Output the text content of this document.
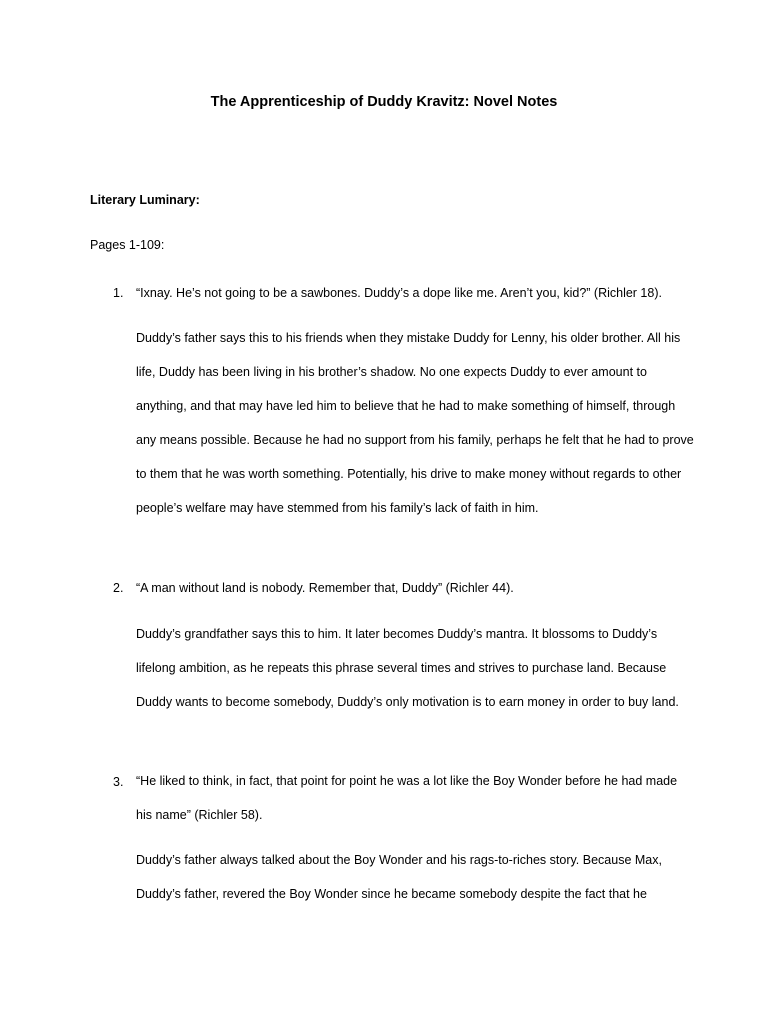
The Apprenticeship of Duddy Kravitz: Novel Notes
Literary Luminary:
Pages 1-109:
1. “Ixnay. He’s not going to be a sawbones. Duddy’s a dope like me. Aren’t you, kid?” (Richler 18).
Duddy’s father says this to his friends when they mistake Duddy for Lenny, his older brother. All his life, Duddy has been living in his brother’s shadow. No one expects Duddy to ever amount to anything, and that may have led him to believe that he had to make something of himself, through any means possible. Because he had no support from his family, perhaps he felt that he had to prove to them that he was worth something. Potentially, his drive to make money without regards to other people’s welfare may have stemmed from his family’s lack of faith in him.
2. “A man without land is nobody. Remember that, Duddy” (Richler 44).
Duddy’s grandfather says this to him. It later becomes Duddy’s mantra. It blossoms to Duddy’s lifelong ambition, as he repeats this phrase several times and strives to purchase land. Because Duddy wants to become somebody, Duddy’s only motivation is to earn money in order to buy land.
3. “He liked to think, in fact, that point for point he was a lot like the Boy Wonder before he had made his name” (Richler 58).
Duddy’s father always talked about the Boy Wonder and his rags-to-riches story. Because Max, Duddy’s father, revered the Boy Wonder since he became somebody despite the fact that he
